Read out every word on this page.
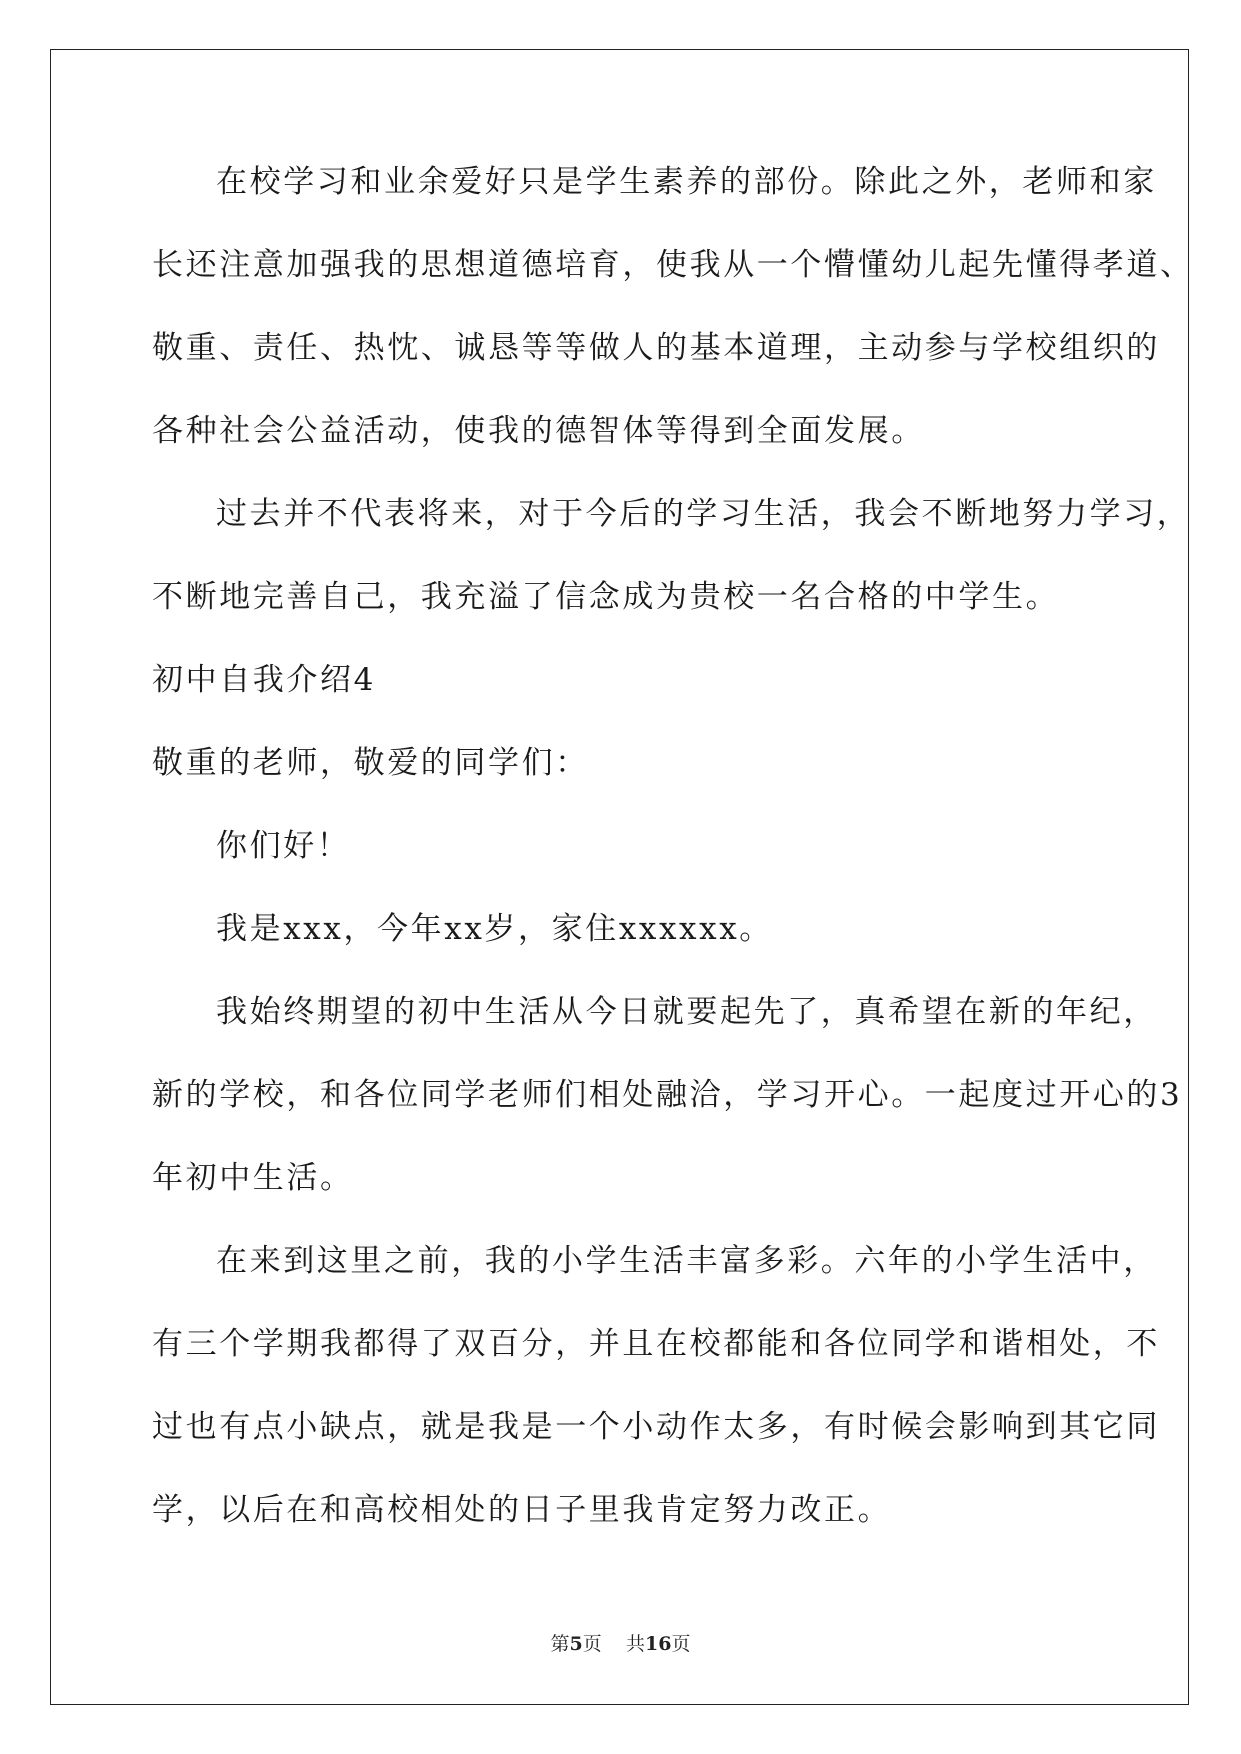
在校学习和业余爱好只是学生素养的部份。除此之外，老师和家
长还注意加强我的思想道德培育，使我从一个懵懂幼儿起先懂得孝道、
敬重、责任、热忱、诚恳等等做人的基本道理，主动参与学校组织的
各种社会公益活动，使我的德智体等得到全面发展。
过去并不代表将来，对于今后的学习生活，我会不断地努力学习，
不断地完善自己，我充溢了信念成为贵校一名合格的中学生。
初中自我介绍4
敬重的老师，敬爱的同学们：
你们好！
我是xxx，今年xx岁，家住xxxxxx。
我始终期望的初中生活从今日就要起先了，真希望在新的年纪，
新的学校，和各位同学老师们相处融洽，学习开心。一起度过开心的3
年初中生活。
在来到这里之前，我的小学生活丰富多彩。六年的小学生活中，
有三个学期我都得了双百分，并且在校都能和各位同学和谐相处，不
过也有点小缺点，就是我是一个小动作太多，有时候会影响到其它同
学，以后在和高校相处的日子里我肯定努力改正。
第5页 共16页
